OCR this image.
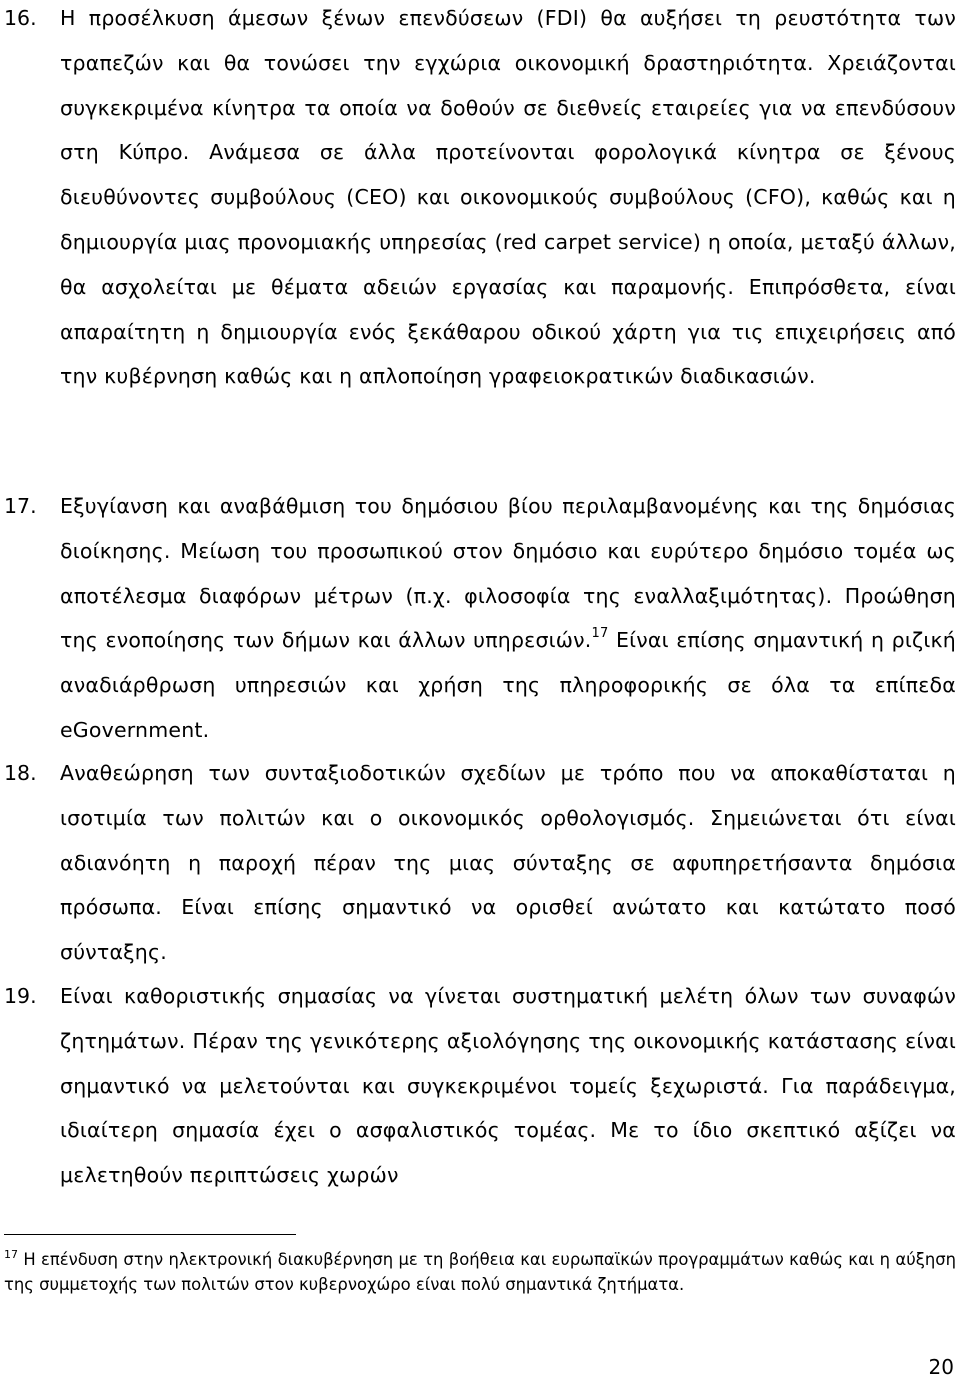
16.	Η προσέλκυση άμεσων ξένων επενδύσεων (FDI) θα αυξήσει τη ρευστότητα των τραπεζών και θα τονώσει την εγχώρια οικονομική δραστηριότητα. Χρειάζονται συγκεκριμένα κίνητρα τα οποία να δοθούν σε διεθνείς εταιρείες για να επενδύσουν στη Κύπρο. Ανάμεσα σε άλλα προτείνονται φορολογικά κίνητρα σε ξένους διευθύνοντες συμβούλους (CEO) και οικονομικούς συμβούλους (CFO), καθώς και η δημιουργία μιας προνομιακής υπηρεσίας (red carpet service) η οποία, μεταξύ άλλων, θα ασχολείται με θέματα αδειών εργασίας και παραμονής. Επιπρόσθετα, είναι απαραίτητη η δημιουργία ενός ξεκάθαρου οδικού χάρτη για τις επιχειρήσεις από την κυβέρνηση καθώς και η απλοποίηση γραφειοκρατικών διαδικασιών.
17.	Εξυγίανση και αναβάθμιση του δημόσιου βίου περιλαμβανομένης και της δημόσιας διοίκησης. Μείωση του προσωπικού στον δημόσιο και ευρύτερο δημόσιο τομέα ως αποτέλεσμα διαφόρων μέτρων (π.χ. φιλοσοφία της εναλλαξιμότητας). Προώθηση της ενοποίησης των δήμων και άλλων υπηρεσιών.$^{17}$ Είναι επίσης σημαντική η ριζική αναδιάρθρωση υπηρεσιών και χρήση της πληροφορικής σε όλα τα επίπεδα eGovernment.
18.	Αναθεώρηση των συνταξιοδοτικών σχεδίων με τρόπο που να αποκαθίσταται η ισοτιμία των πολιτών και ο οικονομικός ορθολογισμός. Σημειώνεται ότι είναι αδιανόητη η παροχή πέραν της μιας σύνταξης σε αφυπηρετήσαντα δημόσια πρόσωπα. Είναι επίσης σημαντικό να ορισθεί ανώτατο και κατώτατο ποσό σύνταξης.
19.	Είναι καθοριστικής σημασίας να γίνεται συστηματική μελέτη όλων των συναφών ζητημάτων. Πέραν της γενικότερης αξιολόγησης της οικονομικής κατάστασης είναι σημαντικό να μελετούνται και συγκεκριμένοι τομείς ξεχωριστά. Για παράδειγμα, ιδιαίτερη σημασία έχει ο ασφαλιστικός τομέας. Με το ίδιο σκεπτικό αξίζει να μελετηθούν περιπτώσεις χωρών
$^{17}$ Η επένδυση στην ηλεκτρονική διακυβέρνηση με τη βοήθεια και ευρωπαϊκών προγραμμάτων καθώς και η αύξηση της συμμετοχής των πολιτών στον κυβερνοχώρο είναι πολύ σημαντικά ζητήματα.
20
